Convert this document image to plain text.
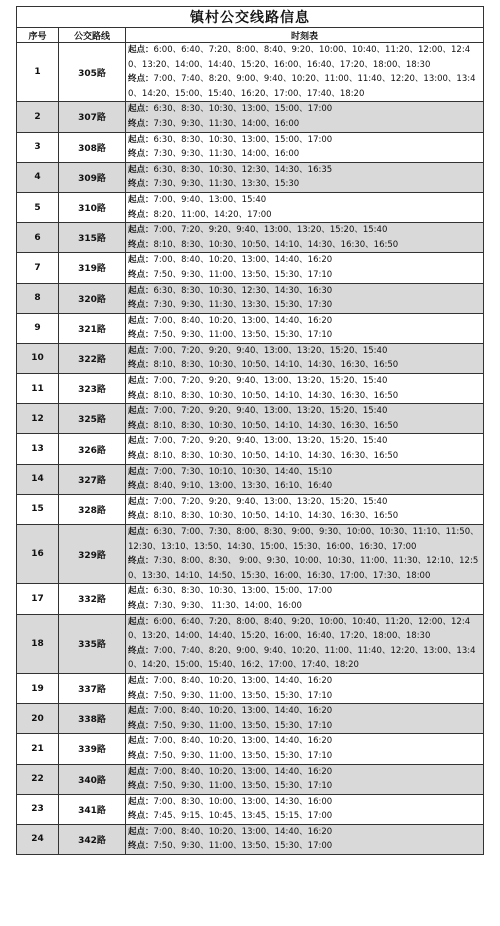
镇村公交线路信息		
序号	公交路线	时刻表
1	305路	起点：6:00、6:40、7:20、8:00、8:40、9:20、10:00、10:40、11:20、12:00、12:40、13:20、14:00、14:40、15:20、16:00、16:40、17:20、18:00、18:30
终点：7:00、7:40、8:20、9:00、9:40、10:20、11:00、11:40、12:20、13:00、13:40、14:20、15:00、15:40、16:20、17:00、17:40、18:20

2	307路	起点：6:30、8:30、10:30、13:00、15:00、17:00
终点：7:30、9:30、11:30、14:00、16:00

3	308路	起点：6:30、8:30、10:30、13:00、15:00、17:00
终点：7:30、9:30、11:30、14:00、16:00

4	309路	起点：6:30、8:30、10:30、12:30、14:30、16:35
终点：7:30、9:30、11:30、13:30、15:30

5	310路	起点：7:00、9:40、13:00、15:40
终点：8:20、11:00、14:20、17:00

6	315路	起点：7:00、7:20、9:20、9:40、13:00、13:20、15:20、15:40
终点：8:10、8:30、10:30、10:50、14:10、14:30、16:30、16:50

7	319路	起点：7:00、8:40、10:20、13:00、14:40、16:20
终点：7:50、9:30、11:00、13:50、15:30、17:10

8	320路	起点：6:30、8:30、10:30、12:30、14:30、16:30
终点：7:30、9:30、11:30、13:30、15:30、17:30

9	321路	起点：7:00、8:40、10:20、13:00、14:40、16:20
终点：7:50、9:30、11:00、13:50、15:30、17:10

10	322路	起点：7:00、7:20、9:20、9:40、13:00、13:20、15:20、15:40
终点：8:10、8:30、10:30、10:50、14:10、14:30、16:30、16:50

11	323路	起点：7:00、7:20、9:20、9:40、13:00、13:20、15:20、15:40
终点：8:10、8:30、10:30、10:50、14:10、14:30、16:30、16:50

12	325路	起点：7:00、7:20、9:20、9:40、13:00、13:20、15:20、15:40
终点：8:10、8:30、10:30、10:50、14:10、14:30、16:30、16:50

13	326路	起点：7:00、7:20、9:20、9:40、13:00、13:20、15:20、15:40
终点：8:10、8:30、10:30、10:50、14:10、14:30、16:30、16:50

14	327路	起点：7:00、7:30、10:10、10:30、14:40、15:10
终点：8:40、9:10、13:00、13:30、16:10、16:40

15	328路	起点：7:00、7:20、9:20、9:40、13:00、13:20、15:20、15:40
终点：8:10、8:30、10:30、10:50、14:10、14:30、16:30、16:50

16	329路	起点：6:30、7:00、7:30、8:00、8:30、9:00、9:30、10:00、10:30、11:10、11:50、12:30、13:10、13:50、14:30、15:00、15:30、16:00、16:30、17:00
终点：7:30、8:00、8:30、 9:00、9:30、10:00、10:30、11:00、11:30、12:10、12:50、13:30、14:10、14:50、15:30、16:00、16:30、17:00、17:30、18:00

17	332路	起点：6:30、8:30、10:30、13:00、15:00、17:00
终点：7:30、9:30、 11:30、14:00、16:00

18	335路	起点：6:00、6:40、7:20、8:00、8:40、9:20、10:00、10:40、11:20、12:00、12:40、13:20、14:00、14:40、15:20、16:00、16:40、17:20、18:00、18:30
终点：7:00、7:40、8:20、9:00、9:40、10:20、11:00、11:40、12:20、13:00、13:40、14:20、15:00、15:40、16:2、17:00、17:40、18:20

19	337路	起点：7:00、8:40、10:20、13:00、14:40、16:20
终点：7:50、9:30、11:00、13:50、15:30、17:10

20	338路	起点：7:00、8:40、10:20、13:00、14:40、16:20
终点：7:50、9:30、11:00、13:50、15:30、17:10

21	339路	起点：7:00、8:40、10:20、13:00、14:40、16:20
终点：7:50、9:30、11:00、13:50、15:30、17:10

22	340路	起点：7:00、8:40、10:20、13:00、14:40、16:20
终点：7:50、9:30、11:00、13:50、15:30、17:10

23	341路	起点：7:00、8:30、10:00、13:00、14:30、16:00
终点：7:45、9:15、10:45、13:45、15:15、17:00

24	342路	起点：7:00、8:40、10:20、13:00、14:40、16:20
终点：7:50、9:30、11:00、13:50、15:30、17:00
